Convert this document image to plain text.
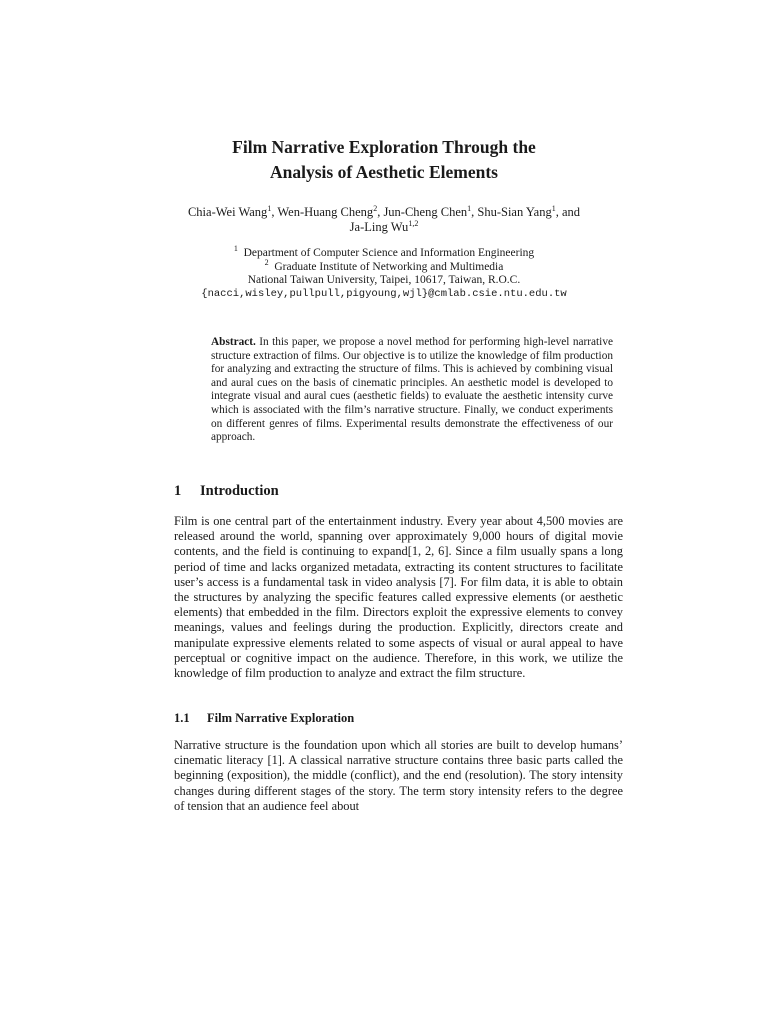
Film Narrative Exploration Through the
Analysis of Aesthetic Elements
Chia-Wei Wang$^1$, Wen-Huang Cheng$^2$, Jun-Cheng Chen$^1$, Shu-Sian Yang$^1$, and
Ja-Ling Wu$^{1,2}$
$^1$ Department of Computer Science and Information Engineering
$^2$ Graduate Institute of Networking and Multimedia
National Taiwan University, Taipei, 10617, Taiwan, R.O.C.
{nacci,wisley,pullpull,pigyoung,wjl}@cmlab.csie.ntu.edu.tw
Abstract. In this paper, we propose a novel method for performing high-level narrative structure extraction of films. Our objective is to utilize the knowledge of film production for analyzing and extracting the structure of films. This is achieved by combining visual and aural cues on the basis of cinematic principles. An aesthetic model is developed to integrate visual and aural cues (aesthetic fields) to evaluate the aesthetic intensity curve which is associated with the film’s narrative structure. Finally, we conduct experiments on different genres of films. Experimental results demonstrate the effectiveness of our approach.
1 Introduction
Film is one central part of the entertainment industry. Every year about 4,500 movies are released around the world, spanning over approximately 9,000 hours of digital movie contents, and the field is continuing to expand[1, 2, 6]. Since a film usually spans a long period of time and lacks organized metadata, extracting its content structures to facilitate user’s access is a fundamental task in video analysis [7]. For film data, it is able to obtain the structures by analyzing the specific features called expressive elements (or aesthetic elements) that embedded in the film. Directors exploit the expressive elements to convey meanings, values and feelings during the production. Explicitly, directors create and manipulate expressive elements related to some aspects of visual or aural appeal to have perceptual or cognitive impact on the audience. Therefore, in this work, we utilize the knowledge of film production to analyze and extract the film structure.
1.1 Film Narrative Exploration
Narrative structure is the foundation upon which all stories are built to develop humans’ cinematic literacy [1]. A classical narrative structure contains three basic parts called the beginning (exposition), the middle (conflict), and the end (resolution). The story intensity changes during different stages of the story. The term story intensity refers to the degree of tension that an audience feel about
